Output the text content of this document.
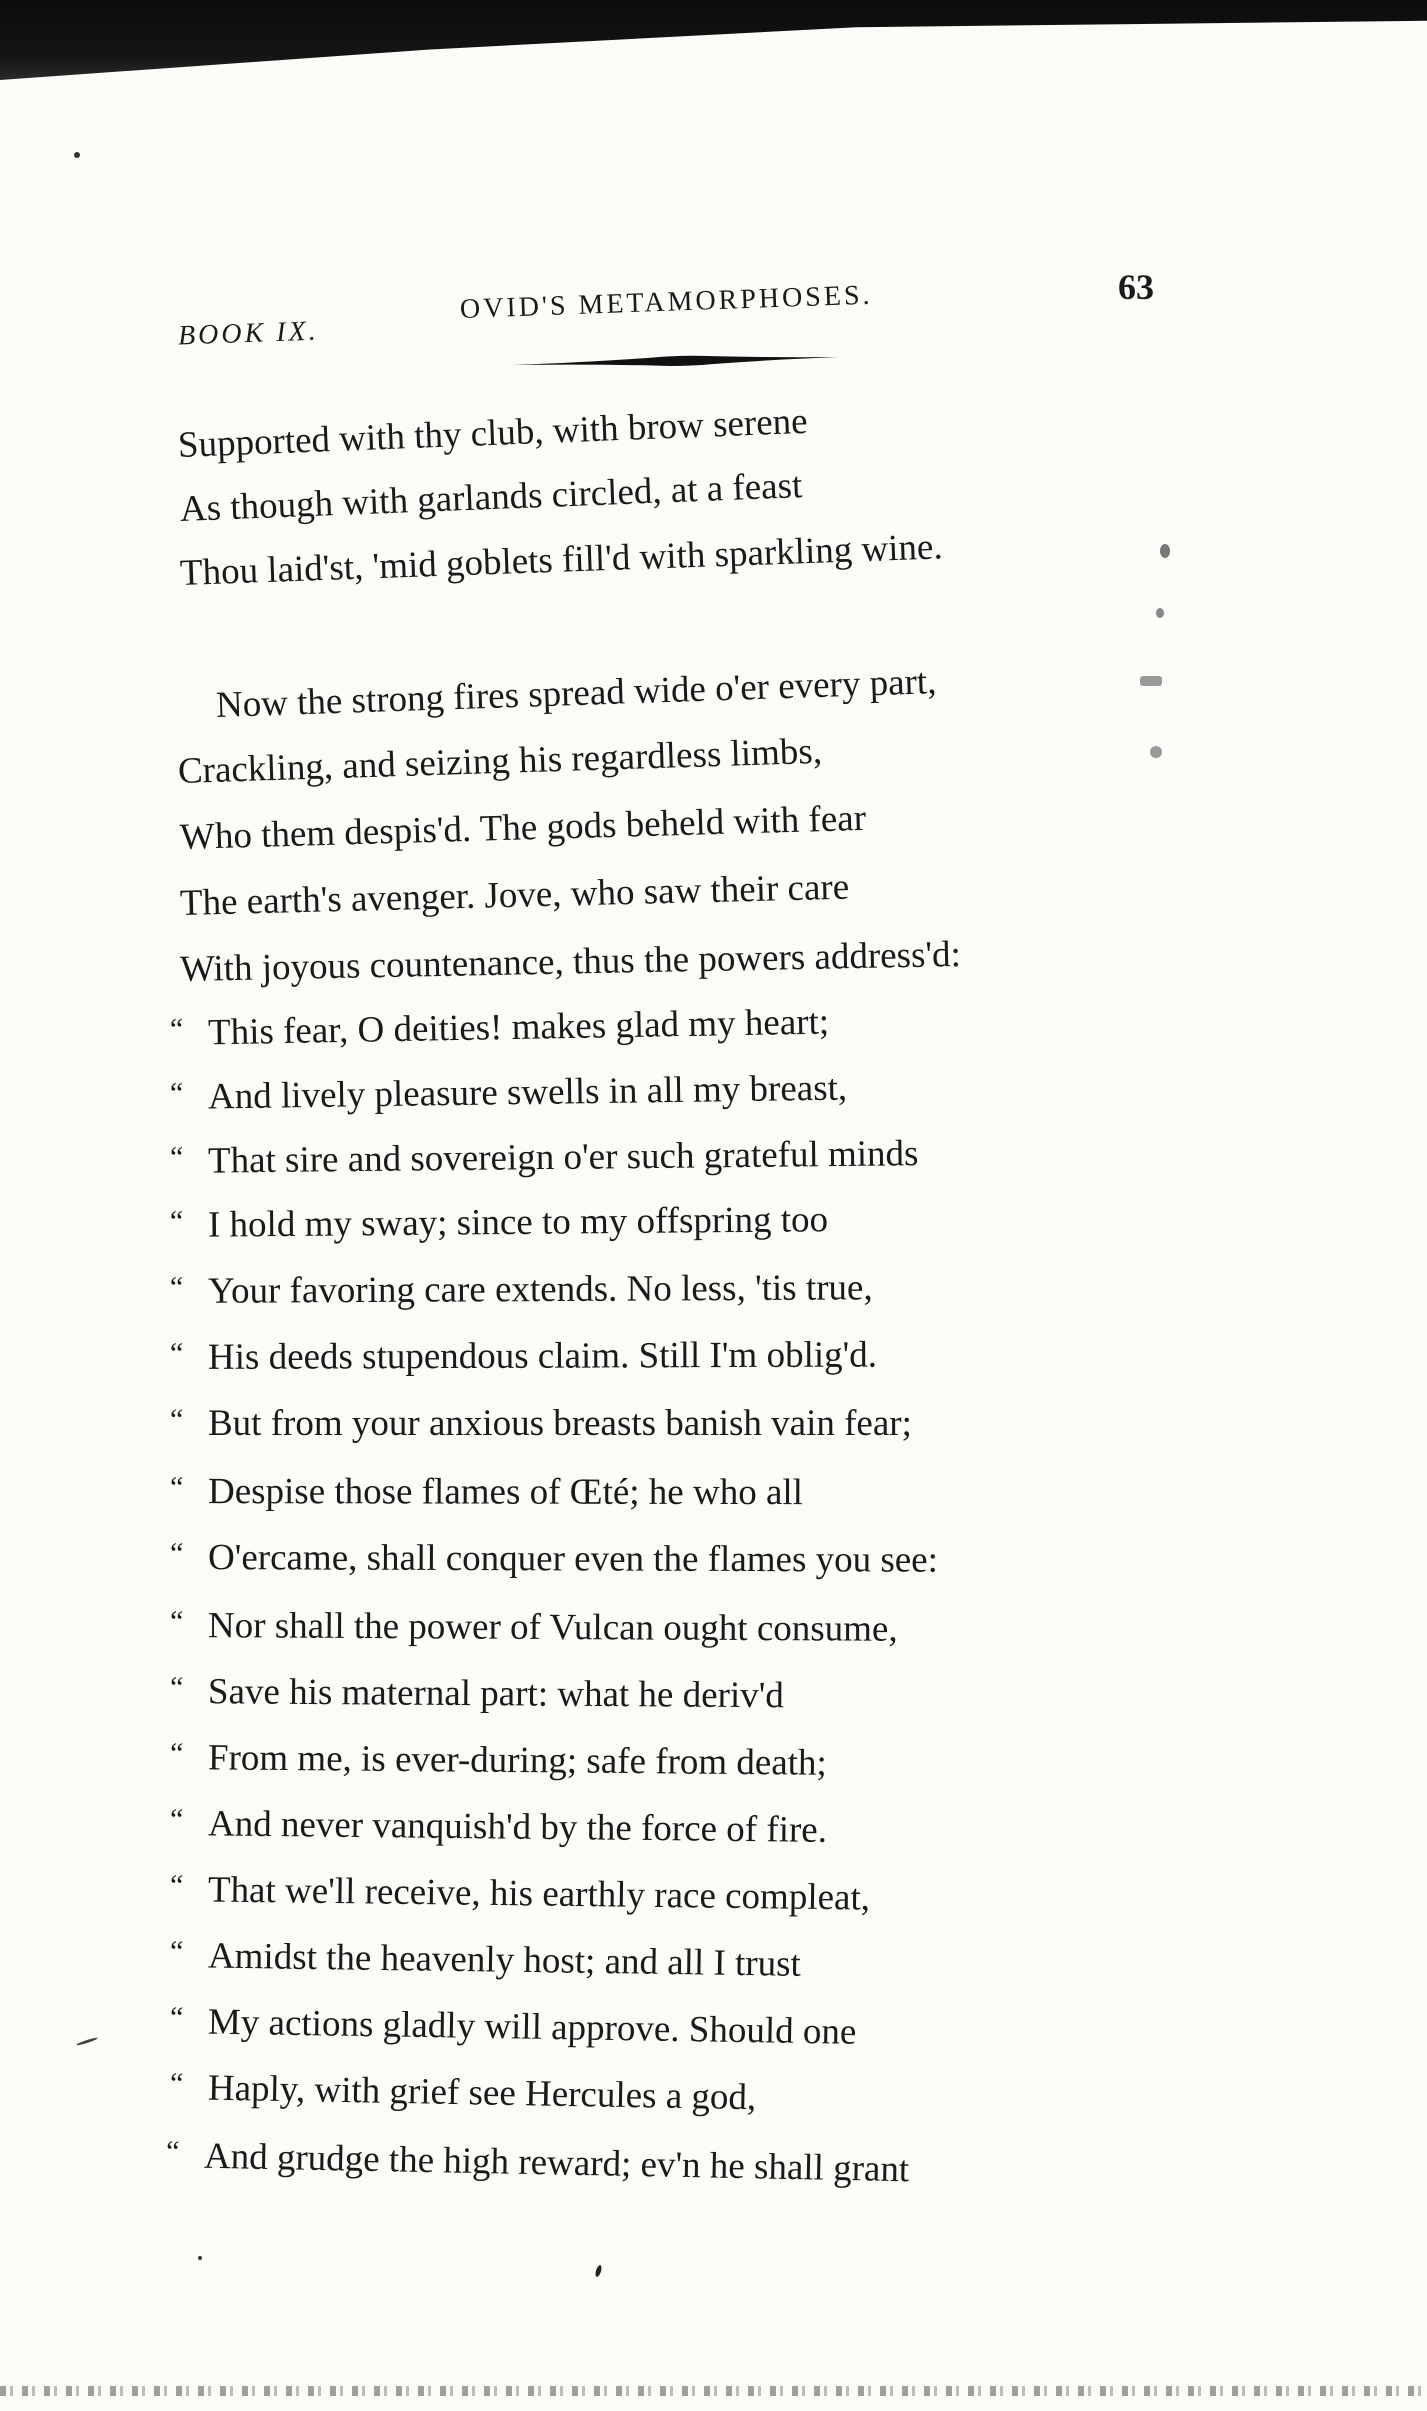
BOOK IX.
OVID'S METAMORPHOSES.	63
Supported with thy club, with brow serene
As though with garlands circled, at a feast
Thou laid'st, 'mid goblets fill'd with sparkling wine.
Now the strong fires spread wide o'er every part,
Crackling, and seizing his regardless limbs,
Who them despis'd. The gods beheld with fear
The earth's avenger. Jove, who saw their care
With joyous countenance, thus the powers address'd:
“ This fear, O deities! makes glad my heart;
“ And lively pleasure swells in all my breast,
“ That sire and sovereign o'er such grateful minds
“ I hold my sway; since to my offspring too
“ Your favoring care extends. No less, 'tis true,
“ His deeds stupendous claim. Still I'm oblig'd.
“ But from your anxious breasts banish vain fear;
“ Despise those flames of Œté; he who all
“ O'ercame, shall conquer even the flames you see:
“ Nor shall the power of Vulcan ought consume,
“ Save his maternal part: what he deriv'd
“ From me, is ever-during; safe from death;
“ And never vanquish'd by the force of fire.
“ That we'll receive, his earthly race compleat,
“ Amidst the heavenly host; and all I trust
“ My actions gladly will approve. Should one
“ Haply, with grief see Hercules a god,
“ And grudge the high reward; ev'n he shall grant
